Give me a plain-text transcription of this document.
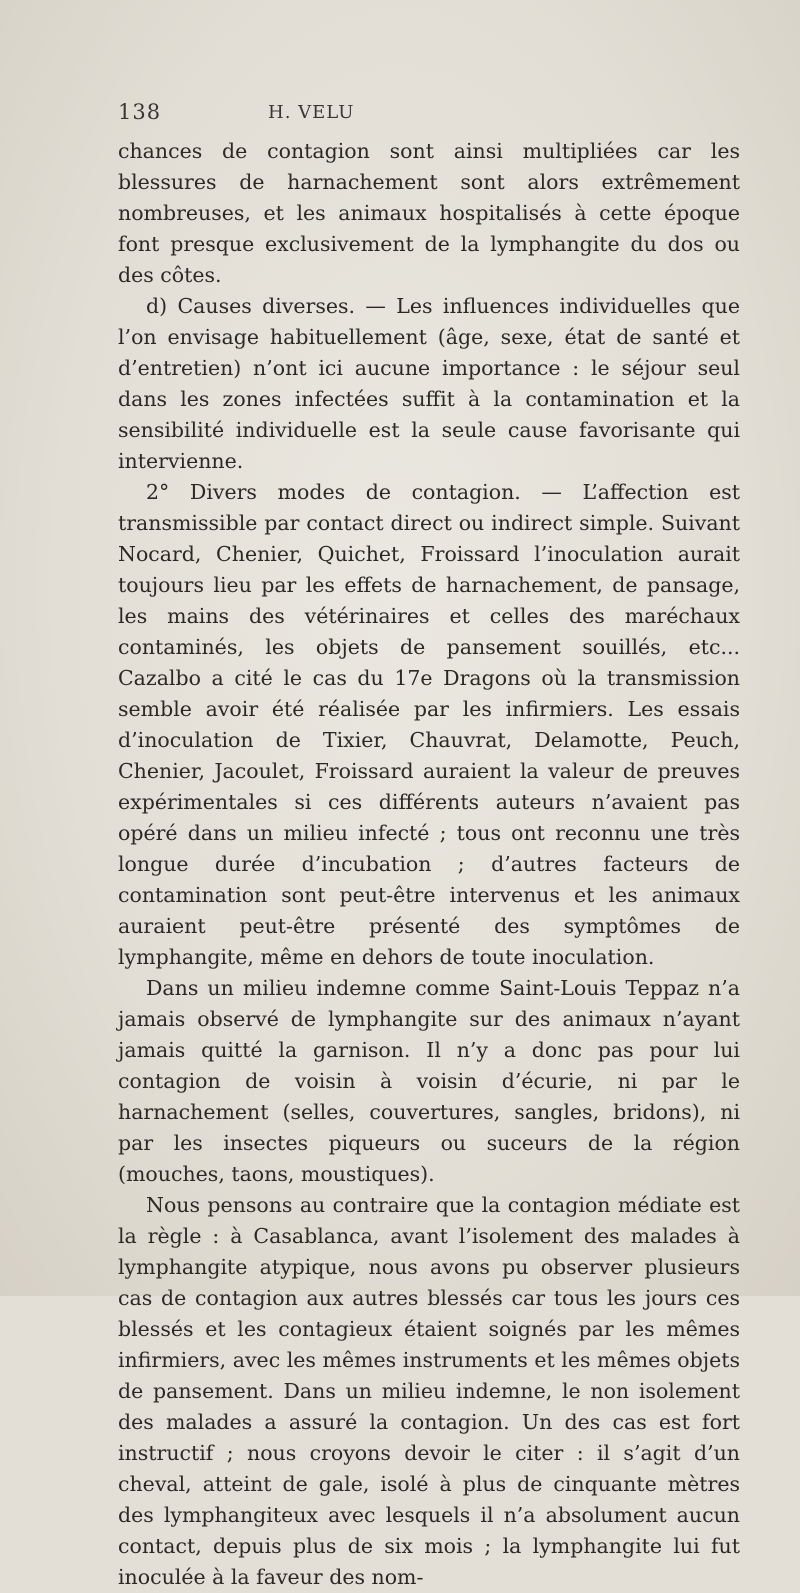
138	H. VELU

chances de contagion sont ainsi multipliées car les blessures de harnachement sont alors extrêmement nombreuses, et les animaux hospitalisés à cette époque font presque exclusivement de la lymphangite du dos ou des côtes.

d) Causes diverses. — Les influences individuelles que l’on envisage habituellement (âge, sexe, état de santé et d’entretien) n’ont ici aucune importance : le séjour seul dans les zones infectées suffit à la contamination et la sensibilité individuelle est la seule cause favorisante qui intervienne.

2° Divers modes de contagion. — L’affection est transmissible par contact direct ou indirect simple. Suivant Nocard, Chenier, Quichet, Froissard l’inoculation aurait toujours lieu par les effets de harnachement, de pansage, les mains des vétérinaires et celles des maréchaux contaminés, les objets de pansement souillés, etc... Cazalbo a cité le cas du 17e Dragons où la transmission semble avoir été réalisée par les infirmiers. Les essais d’inoculation de Tixier, Chauvrat, Delamotte, Peuch, Chenier, Jacoulet, Froissard auraient la valeur de preuves expérimentales si ces différents auteurs n’avaient pas opéré dans un milieu infecté ; tous ont reconnu une très longue durée d’incubation ; d’autres facteurs de contamination sont peut-être intervenus et les animaux auraient peut-être présenté des symptômes de lymphangite, même en dehors de toute inoculation.

Dans un milieu indemne comme Saint-Louis Teppaz n’a jamais observé de lymphangite sur des animaux n’ayant jamais quitté la garnison. Il n’y a donc pas pour lui contagion de voisin à voisin d’écurie, ni par le harnachement (selles, couvertures, sangles, bridons), ni par les insectes piqueurs ou suceurs de la région (mouches, taons, moustiques).

Nous pensons au contraire que la contagion médiate est la règle : à Casablanca, avant l’isolement des malades à lymphangite atypique, nous avons pu observer plusieurs cas de contagion aux autres blessés car tous les jours ces blessés et les contagieux étaient soignés par les mêmes infirmiers, avec les mêmes instruments et les mêmes objets de pansement. Dans un milieu indemne, le non isolement des malades a assuré la contagion. Un des cas est fort instructif ; nous croyons devoir le citer : il s’agit d’un cheval, atteint de gale, isolé à plus de cinquante mètres des lymphangiteux avec lesquels il n’a absolument aucun contact, depuis plus de six mois ; la lymphangite lui fut inoculée à la faveur des nom-
